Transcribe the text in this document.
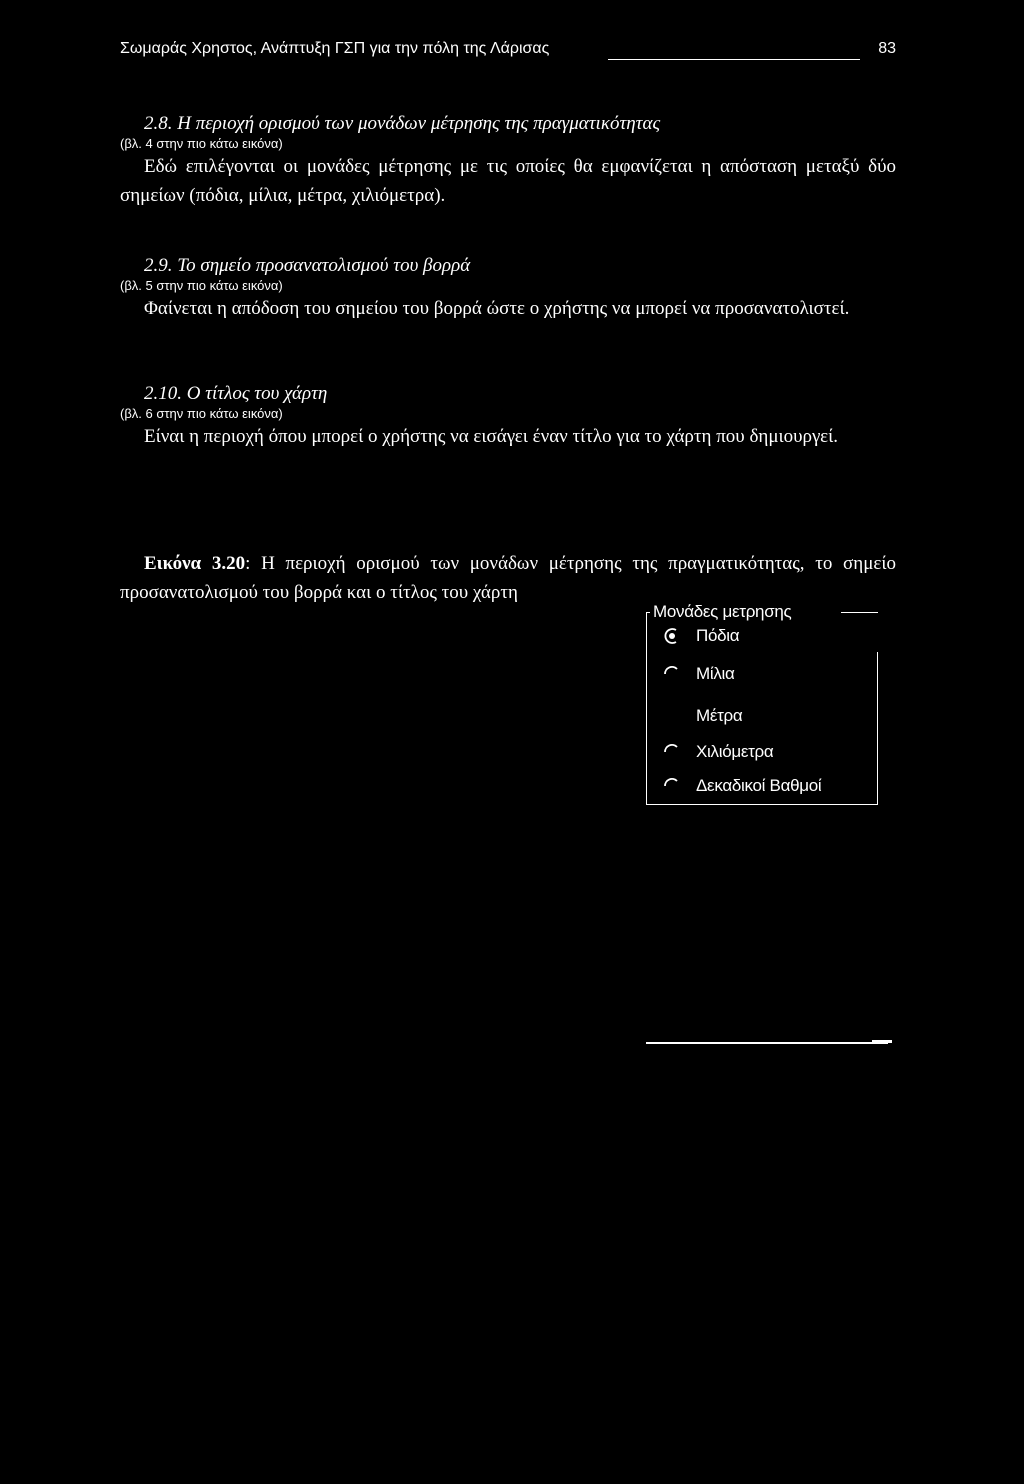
Σωμαράς Χρηστος, Ανάπτυξη ΓΣΠ για την πόλη της Λάρισας	83
2.8. Η περιοχή ορισμού των μονάδων μέτρησης της πραγματικότητας
(βλ. 4 στην πιο κάτω εικόνα)

Εδώ επιλέγονται οι μονάδες μέτρησης με τις οποίες θα εμφανίζεται η απόσταση μεταξύ δύο σημείων (πόδια, μίλια, μέτρα, χιλιόμετρα).

2.9. Το σημείο προσανατολισμού του βορρά
(βλ. 5 στην πιο κάτω εικόνα)

Φαίνεται η απόδοση του σημείου του βορρά ώστε ο χρήστης να μπορεί να προσανατολιστεί.

2.10. Ο τίτλος του χάρτη
(βλ. 6 στην πιο κάτω εικόνα)

Είναι η περιοχή όπου μπορεί ο χρήστης να εισάγει έναν τίτλο για το χάρτη που δημιουργεί.

Εικόνα 3.20: Η περιοχή ορισμού των μονάδων μέτρησης της πραγματικότητας, το σημείο προσανατολισμού του βορρά και ο τίτλος του χάρτη

Μονάδες μετρησης
Πόδια
Μίλια
Μέτρα
Χιλιόμετρα
Δεκαδικοί Βαθμοί
